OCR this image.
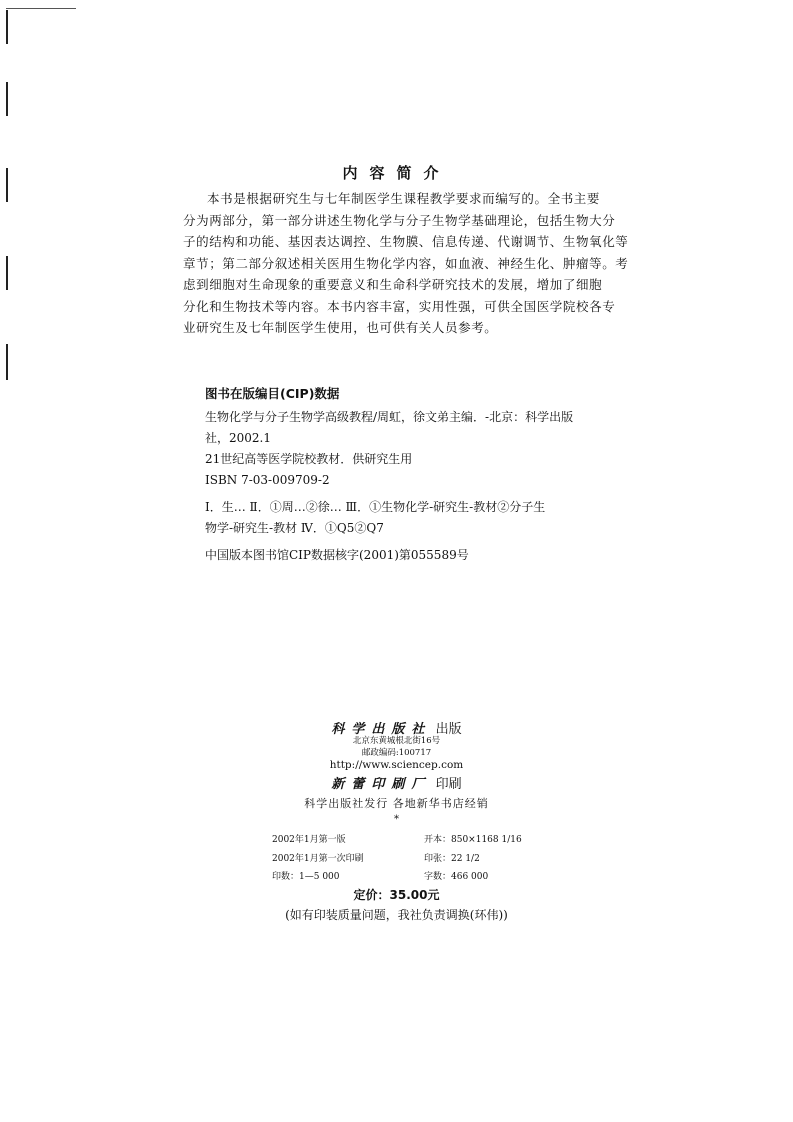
内容简介
本书是根据研究生与七年制医学生课程教学要求而编写的。全书主要
分为两部分，第一部分讲述生物化学与分子生物学基础理论，包括生物大分
子的结构和功能、基因表达调控、生物膜、信息传递、代谢调节、生物氧化等
章节；第二部分叙述相关医用生物化学内容，如血液、神经生化、肿瘤等。考
虑到细胞对生命现象的重要意义和生命科学研究技术的发展，增加了细胞
分化和生物技术等内容。本书内容丰富，实用性强，可供全国医学院校各专
业研究生及七年制医学生使用，也可供有关人员参考。
图书在版编目(CIP)数据
生物化学与分子生物学高级教程/周虹，徐文弟主编．-北京：科学出版
社，2002.1
21世纪高等医学院校教材．供研究生用
ISBN 7-03-009709-2
Ⅰ．生… Ⅱ．①周…②徐… Ⅲ．①生物化学-研究生-教材②分子生
物学-研究生-教材 Ⅳ．①Q5②Q7
中国版本图书馆CIP数据核字(2001)第055589号
科学出版社 出版
北京东黄城根北街16号
邮政编码:100717
http://www.sciencep.com
新蕾印刷厂 印刷
科学出版社发行 各地新华书店经销
*
2002年1月第一版	开本：850×1168 1/16
2002年1月第一次印刷	印张：22 1/2
印数：1—5 000	字数：466 000
定价：35.00元
(如有印装质量问题，我社负责调换(环伟))
